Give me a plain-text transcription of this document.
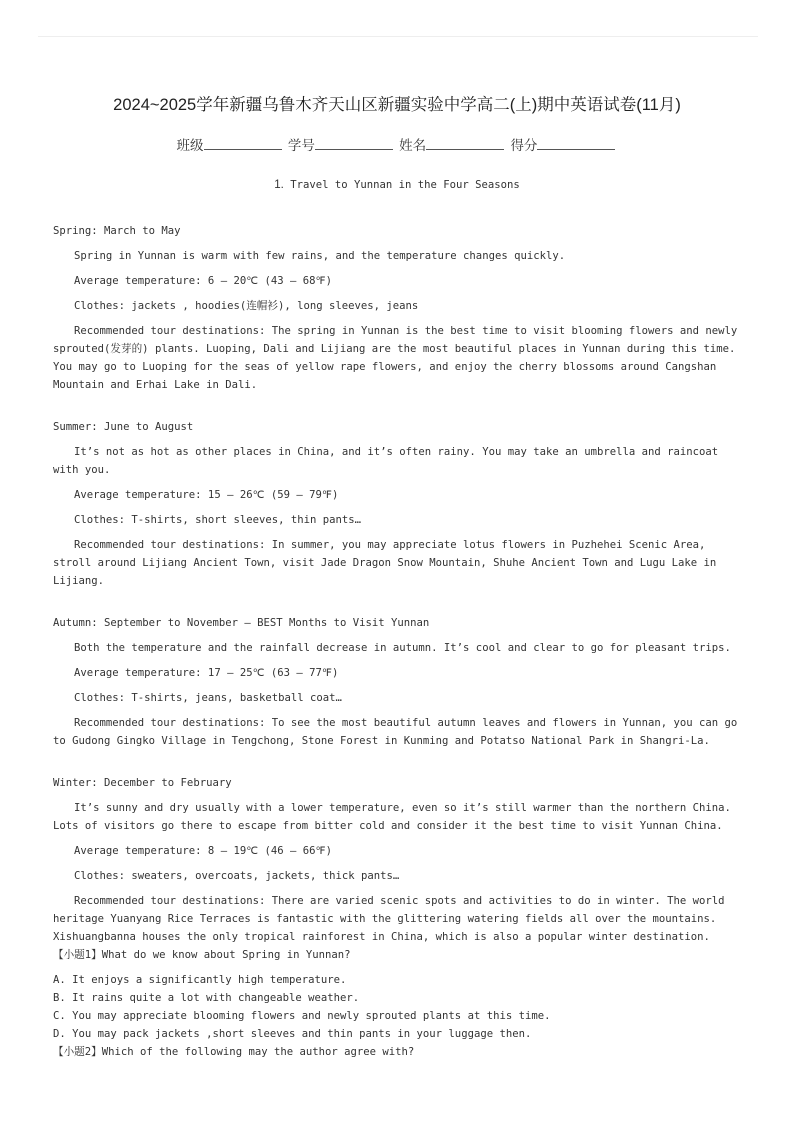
2024~2025学年新疆乌鲁木齐天山区新疆实验中学高二(上)期中英语试卷(11月)
班级	学号	姓名	得分
1. Travel to Yunnan in the Four Seasons

Spring: March to May

Spring in Yunnan is warm with few rains, and the temperature changes quickly.

Average temperature: 6 – 20℃ (43 – 68℉)

Clothes: jackets , hoodies(连帽衫), long sleeves, jeans

Recommended tour destinations: The spring in Yunnan is the best time to visit blooming flowers and newly sprouted(发芽的) plants. Luoping, Dali and Lijiang are the most beautiful places in Yunnan during this time. You may go to Luoping for the seas of yellow rape flowers, and enjoy the cherry blossoms around Cangshan Mountain and Erhai Lake in Dali.

Summer: June to August

It’s not as hot as other places in China, and it’s often rainy. You may take an umbrella and raincoat with you.

Average temperature: 15 – 26℃ (59 – 79℉)

Clothes: T-shirts, short sleeves, thin pants…

Recommended tour destinations: In summer, you may appreciate lotus flowers in Puzhehei Scenic Area, stroll around Lijiang Ancient Town, visit Jade Dragon Snow Mountain, Shuhe Ancient Town and Lugu Lake in Lijiang.

Autumn: September to November – BEST Months to Visit Yunnan

Both the temperature and the rainfall decrease in autumn. It’s cool and clear to go for pleasant trips.

Average temperature: 17 – 25℃ (63 – 77℉)

Clothes: T-shirts, jeans, basketball coat…

Recommended tour destinations: To see the most beautiful autumn leaves and flowers in Yunnan, you can go to Gudong Gingko Village in Tengchong, Stone Forest in Kunming and Potatso National Park in Shangri-La.

Winter: December to February

It’s sunny and dry usually with a lower temperature, even so it’s still warmer than the northern China. Lots of visitors go there to escape from bitter cold and consider it the best time to visit Yunnan China.

Average temperature: 8 – 19℃ (46 – 66℉)

Clothes: sweaters, overcoats, jackets, thick pants…

Recommended tour destinations: There are varied scenic spots and activities to do in winter. The world heritage Yuanyang Rice Terraces is fantastic with the glittering watering fields all over the mountains. Xishuangbanna houses the only tropical rainforest in China, which is also a popular winter destination.

【小题1】What do we know about Spring in Yunnan?

A. It enjoys a significantly high temperature.

B. It rains quite a lot with changeable weather.

C. You may appreciate blooming flowers and newly sprouted plants at this time.

D. You may pack jackets ,short sleeves and thin pants in your luggage then.

【小题2】Which of the following may the author agree with?
